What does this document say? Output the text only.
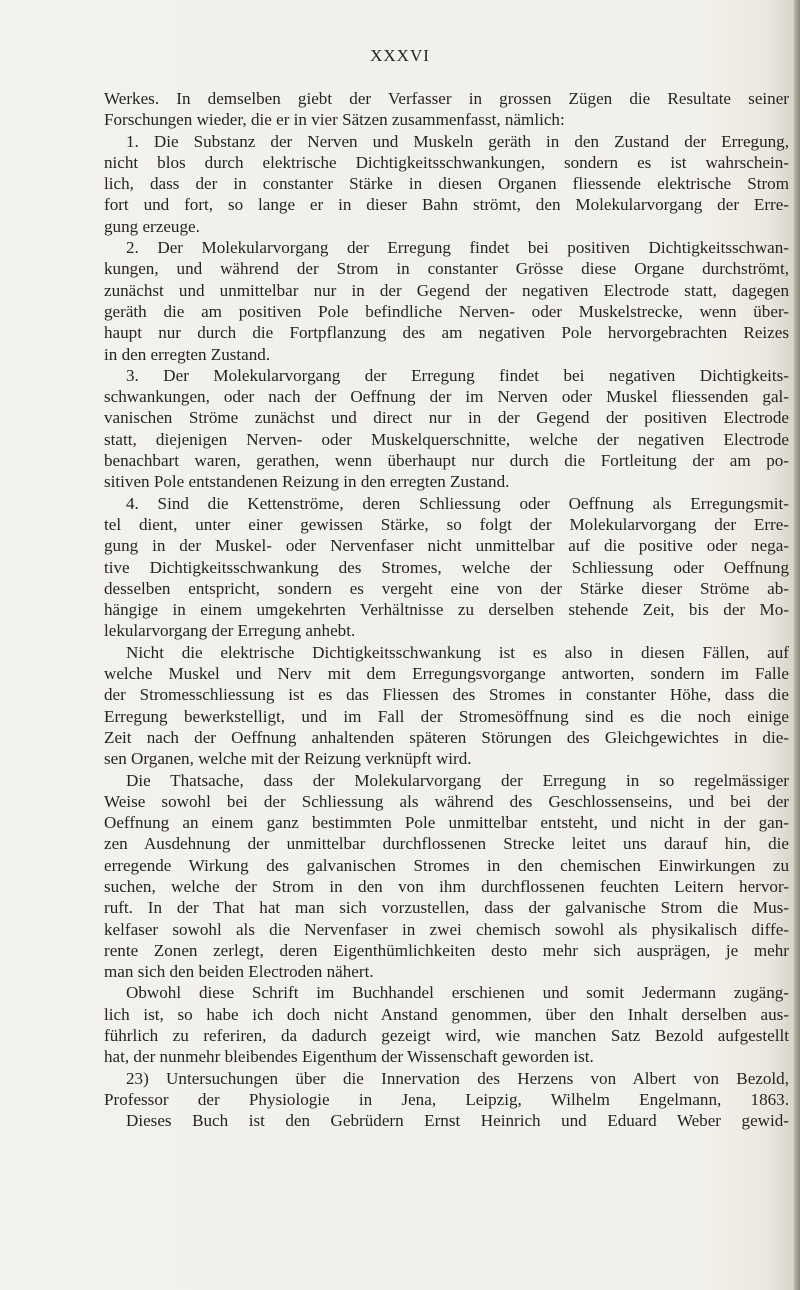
XXXVI

Werkes. In demselben giebt der Verfasser in grossen Zügen die Resultate seiner

Forschungen wieder, die er in vier Sätzen zusammenfasst, nämlich:

1. Die Substanz der Nerven und Muskeln geräth in den Zustand der Erregung,

nicht blos durch elektrische Dichtigkeitsschwankungen, sondern es ist wahrschein-

lich, dass der in constanter Stärke in diesen Organen fliessende elektrische Strom

fort und fort, so lange er in dieser Bahn strömt, den Molekularvorgang der Erre-

gung erzeuge.

2. Der Molekularvorgang der Erregung findet bei positiven Dichtigkeitsschwan-

kungen, und während der Strom in constanter Grösse diese Organe durchströmt,

zunächst und unmittelbar nur in der Gegend der negativen Electrode statt, dagegen

geräth die am positiven Pole befindliche Nerven- oder Muskelstrecke, wenn über-

haupt nur durch die Fortpflanzung des am negativen Pole hervorgebrachten Reizes

in den erregten Zustand.

3. Der Molekularvorgang der Erregung findet bei negativen Dichtigkeits-

schwankungen, oder nach der Oeffnung der im Nerven oder Muskel fliessenden gal-

vanischen Ströme zunächst und direct nur in der Gegend der positiven Electrode

statt, diejenigen Nerven- oder Muskelquerschnitte, welche der negativen Electrode

benachbart waren, gerathen, wenn überhaupt nur durch die Fortleitung der am po-

sitiven Pole entstandenen Reizung in den erregten Zustand.

4. Sind die Kettenströme, deren Schliessung oder Oeffnung als Erregungsmit-

tel dient, unter einer gewissen Stärke, so folgt der Molekularvorgang der Erre-

gung in der Muskel- oder Nervenfaser nicht unmittelbar auf die positive oder nega-

tive Dichtigkeitsschwankung des Stromes, welche der Schliessung oder Oeffnung

desselben entspricht, sondern es vergeht eine von der Stärke dieser Ströme ab-

hängige in einem umgekehrten Verhältnisse zu derselben stehende Zeit, bis der Mo-

lekularvorgang der Erregung anhebt.

Nicht die elektrische Dichtigkeitsschwankung ist es also in diesen Fällen, auf

welche Muskel und Nerv mit dem Erregungsvorgange antworten, sondern im Falle

der Stromesschliessung ist es das Fliessen des Stromes in constanter Höhe, dass die

Erregung bewerkstelligt, und im Fall der Stromesöffnung sind es die noch einige

Zeit nach der Oeffnung anhaltenden späteren Störungen des Gleichgewichtes in die-

sen Organen, welche mit der Reizung verknüpft wird.

Die Thatsache, dass der Molekularvorgang der Erregung in so regelmässiger

Weise sowohl bei der Schliessung als während des Geschlossenseins, und bei der

Oeffnung an einem ganz bestimmten Pole unmittelbar entsteht, und nicht in der gan-

zen Ausdehnung der unmittelbar durchflossenen Strecke leitet uns darauf hin, die

erregende Wirkung des galvanischen Stromes in den chemischen Einwirkungen zu

suchen, welche der Strom in den von ihm durchflossenen feuchten Leitern hervor-

ruft. In der That hat man sich vorzustellen, dass der galvanische Strom die Mus-

kelfaser sowohl als die Nervenfaser in zwei chemisch sowohl als physikalisch diffe-

rente Zonen zerlegt, deren Eigenthümlichkeiten desto mehr sich ausprägen, je mehr

man sich den beiden Electroden nähert.

Obwohl diese Schrift im Buchhandel erschienen und somit Jedermann zugäng-

lich ist, so habe ich doch nicht Anstand genommen, über den Inhalt derselben aus-

führlich zu referiren, da dadurch gezeigt wird, wie manchen Satz Bezold aufgestellt

hat, der nunmehr bleibendes Eigenthum der Wissenschaft geworden ist.

23) Untersuchungen über die Innervation des Herzens von Albert von Bezold,

Professor der Physiologie in Jena, Leipzig, Wilhelm Engelmann, 1863.

Dieses Buch ist den Gebrüdern Ernst Heinrich und Eduard Weber gewid-
